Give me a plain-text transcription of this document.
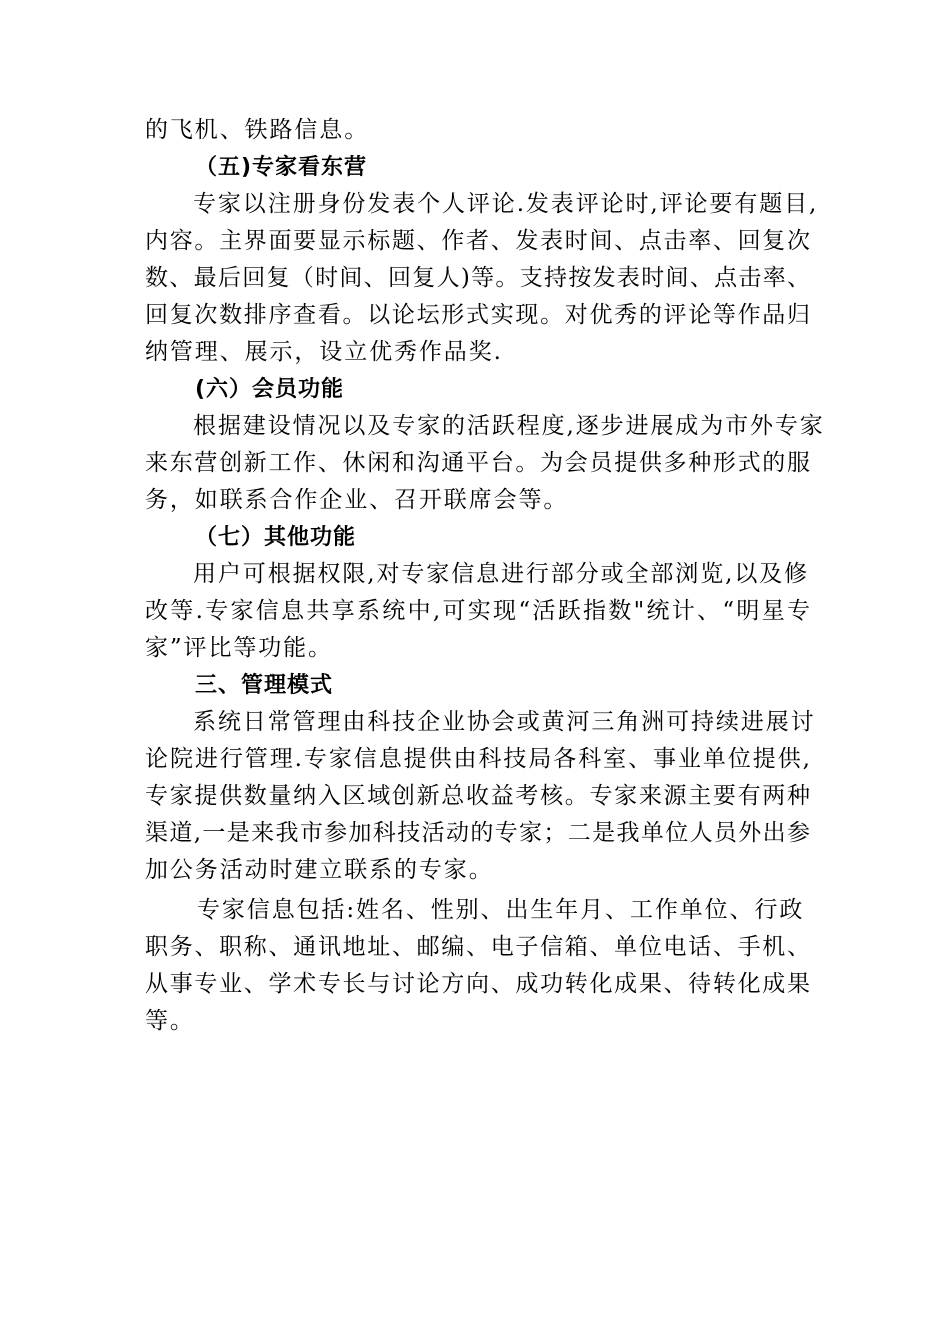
的飞机、铁路信息。
（五)专家看东营
专家以注册身份发表个人评论.发表评论时,评论要有题目,
内容。主界面要显示标题、作者、发表时间、点击率、回复次
数、最后回复（时间、回复人)等。支持按发表时间、点击率、
回复次数排序查看。以论坛形式实现。对优秀的评论等作品归
纳管理、展示，设立优秀作品奖.
(六）会员功能
根据建设情况以及专家的活跃程度,逐步进展成为市外专家
来东营创新工作、休闲和沟通平台。为会员提供多种形式的服
务，如联系合作企业、召开联席会等。
（七）其他功能
用户可根据权限,对专家信息进行部分或全部浏览,以及修
改等.专家信息共享系统中,可实现“活跃指数"统计、“明星专
家”评比等功能。
三、管理模式
系统日常管理由科技企业协会或黄河三角洲可持续进展讨
论院进行管理.专家信息提供由科技局各科室、事业单位提供,
专家提供数量纳入区域创新总收益考核。专家来源主要有两种
渠道,一是来我市参加科技活动的专家；二是我单位人员外出参
加公务活动时建立联系的专家。
专家信息包括:姓名、性别、出生年月、工作单位、行政
职务、职称、通讯地址、邮编、电子信箱、单位电话、手机、
从事专业、学术专长与讨论方向、成功转化成果、待转化成果
等。
